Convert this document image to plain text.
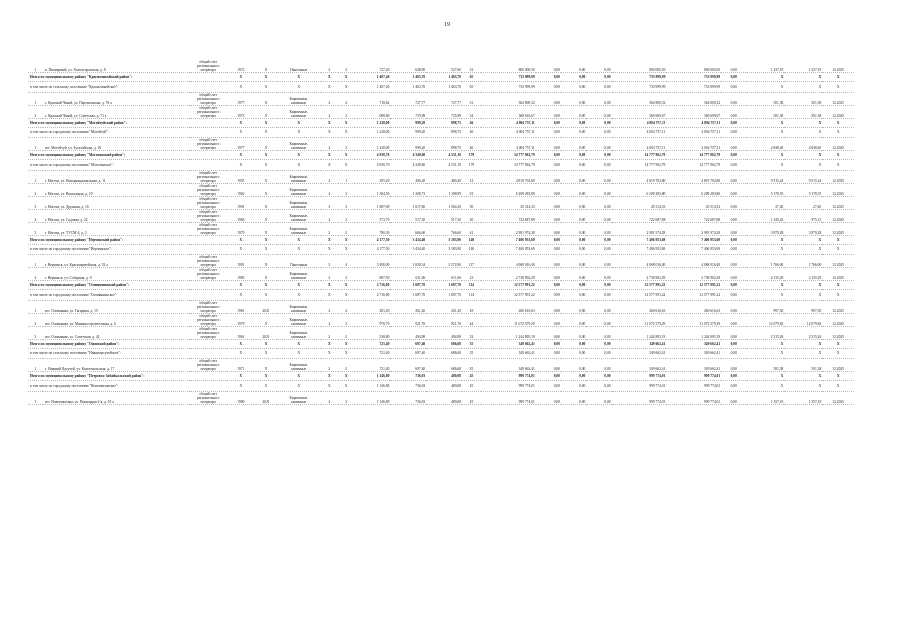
19
1	п. Пионерный, ул. Холмогоровская, д. 8	общий счет
регионального
оператора	1972	X	Панельные	2	2	727,20	648,90	527,60	32	800 000,50	0,00	0,00	0,00	800 000,50	800 000,50	0,00	1 237,19	1 237,19	12.2025
Итого по муниципальному району "Красночикойский район":			X	X	X	X	X	1 407,40	1 463,70	1 463,70	65	733 999,99	0,00	0,00	0,00	733 999,99	733 999,99	0,00	X	X	X
в том числе по сельскому поселению "Красночикойское":			X	X	X	X	X	1 407,40	1 463,70	1 463,70	65	733 999,99	0,00	0,00	0,00	733 999,99	733 999,99	0,00	X	X	X
1	с. Красный Чикой, ул. Партизанская, д. 76 а	общий счет
регионального
оператора	1977	X	Кирпичные,
каменные	2	2	718,62	727,77	727,77	31	364 800,32	0,00	0,00	0,00	364 800,32	364 800,32	0,00	501,38	501,38	12.2025
2	с. Красный Чикой, ул. Советская, д. 71 а	общий счет
регионального
оператора	1973	X	Кирпичные,
каменные	2	2	688,80	735,98	735,98	34	368 616,67	0,00	0,00	0,00	369 609,67	369 609,67	0,00	501,38	501,38	12.2025
Итого по муниципальному району "Могойтуйский район":			X	X	X	X	X	1 228,00	999,20	898,75	46	4 004 757,11	0,00	0,00	0,00	4 004 757,11	4 004 757,11	0,00	X	X	X
в том числе по городскому поселению "Могойтуй":			X	X	X	X	X	1 228,00	999,20	898,75	46	4 004 757,11	0,00	0,00	0,00	4 004 757,11	4 004 757,11	0,00	X	X	X
1	пгт. Могойтуй, ул. Зугалайская, д. 18	общий счет
регионального
оператора	1977	X	Кирпичные,
каменные	2	3	1 228,00	999,20	898,75	46	4 004 757,11	0,00	0,00	0,00	4 004 757,11	4 004 757,11	0,00	4 848,40	4 848,40	12.2025
Итого по муниципальному району "Могочинский район":			X	X	X	X	X	4 930,70	4 349,60	4 531,10	179	14 777 962,79	0,00	0,00	0,00	14 777 962,79	14 777 962,79	0,00	X	X	X
в том числе по городскому поселению "Могочинское":			X	X	X	X	X	4 930,70	4 349,60	4 531,10	179	14 777 962,79	0,00	0,00	0,00	14 777 962,79	14 777 962,79	0,00	X	X	X
1	г. Могоча, ул. Интернациональная, д. 11	общий счет
регионального
оператора	1955	X	Кирпичные,
каменные	2	1	505,20	406,20	480,20	12	4 819 702,80	0,00	0,00	0,00	4 819 702,80	4 819 702,80	0,00	9 515,24	9 515,24	12.2025
2	г. Могоча, ул. Вокзальная, д. 19	общий счет
регионального
оператора	1962	X	Кирпичные,
каменные	4	2	1 384,50	1 208,73	1 198,99	53	6 208 283,80	0,00	0,00	0,00	6 208 283,80	6 208 283,80	0,00	5 178,55	5 178,55	12.2025
3	г. Могоча, ул. Дружная, д. 16	общий счет
регионального
оператора	1991	X	Кирпичные,
каменные	3	3	1 687,00	1 617,60	1 564,30	50	45 314,33	0,00	0,00	0,00	45 314,33	45 314,33	0,00	27,40	27,40	12.2025
4	г. Могоча, ул. Садовая, д. 22	общий счет
регионального
оператора	1966	X	Кирпичные,
каменные	2	2	573,70	517,30	517,30	20	722 687,88	0,00	0,00	0,00	722 687,88	722 687,88	0,00	1 345,43	975,15	12.2025
5	г. Могоча, ул. ТУСМ-4, д. 3	общий счет
регионального
оператора	1979	X	Кирпичные,
каменные	2	2	780,30	666,60	766,60	41	2 981 974,28	0,00	0,00	0,00	2 981 974,28	2 981 974,28	0,00	3 879,28	3 879,28	12.2025
Итого по муниципальному району "Нерчинский район":			X	X	X	X	X	4 177,50	3 434,40	3 183,90	140	7 406 953,69	0,00	0,00	0,00	7 406 953,69	7 406 953,69	0,00	X	X	X
в том числе по городскому поселению "Нерчинское":			X	X	X	X	X	4 177,50	3 434,40	3 183,90	140	7 406 953,69	0,00	0,00	0,00	7 406 953,69	7 406 953,69	0,00	X	X	X
1	г. Нерчинск, ул. Красноармейская, д. 52 а	общий счет
регионального
оператора	1991	X	Панельные	5	4	3 490,00	2 828,34	2 572,90	117	4 068 016,40	0,00	0,00	0,00	4 068 016,40	4 068 016,40	0,00	1 766,00	1 766,00	12.2025
2	г. Нерчинск, ул. Соборная, д. 9	общий счет
регионального
оператора	1983	X	Кирпичные,
каменные	2	2	687,50	611,06	611,06	23	2 738 902,29	0,00	0,00	0,00	2 738 902,29	2 738 902,29	0,00	4 135,29	4 135,29	12.2025
Итого по муниципальному району "Оловяннинский район":			X	X	X	X	X	2 716,80	1 687,70	1 687,70	114	12 577 991,22	0,00	0,00	0,00	12 577 991,22	12 577 991,22	0,00	X	X	X
в том числе по городскому поселению "Оловяннинское":			X	X	X	X	X	2 716,80	1 687,70	1 687,70	114	12 577 991,22	0,00	0,00	0,00	12 577 991,22	12 577 991,22	0,00	X	X	X
1	пгт. Оловянная, ул. Гагарина, д. 15	общий счет
регионального
оператора	1961	2021	Кирпичные,
каменные	2	2	281,20	261,20	261,20	18	260 616,63	0,00	0,00	0,00	260 616,63	260 616,63	0,00	997,30	997,30	12.2025
2	пгт. Оловянная, ул. Машиностроительная, д. 6	общий счет
регионального
оператора	1979	X	Кирпичные,
каменные	2	3	970,70	921,76	921,76	44	11 072 579,29	0,00	0,00	0,00	11 072 579,29	11 072 579,29	0,00	12 079,82	12 079,82	12.2025
3	пгт. Оловянная, ул. Советская, д. 42	общий счет
регионального
оператора	1961	2021	Кирпичные,
каменные	2	2	538,80	494,98	494,98	52	1 244 895,19	0,00	0,00	0,00	1 244 895,19	1 244 895,19	0,00	2 515,26	2 515,26	12.2025
Итого по муниципальному району "Ононский район":			X	X	X	X	X	721,40	697,40	686,68	35	349 662,41	0,00	0,00	0,00	349 662,41	349 662,41	0,00	X	X	X
в том числе по сельскому поселению "Нижнецасучейское":			X	X	X	X	X	721,40	697,40	686,68	35	349 662,41	0,00	0,00	0,00	349 662,41	349 662,41	0,00	X	X	X
1	с. Нижний Цасучей, ул. Комсомольская, д. 17	общий счет
регионального
оператора	1971	X	Кирпичные,
каменные	2	2	721,40	697,40	686,68	35	349 662,41	0,00	0,00	0,00	349 662,41	349 662,41	0,00	501,38	501,38	12.2025
Итого по муниципальному району "Петровск-Забайкальский район":			X	X	X	X	X	1 146,80	736,03	480,08	45	999 774,01	0,00	0,00	0,00	999 774,01	999 774,01	0,00	X	X	X
в том числе по городскому поселению "Новопавловское":			X	X	X	X	X	1 146,80	736,03	480,08	45	999 774,01	0,00	0,00	0,00	999 774,01	999 774,01	0,00	X	X	X
1	пгт. Новопавловка, ул. Пионерная 2-я, д. 10 а	общий счет
регионального
оператора	1980	2021	Кирпичные,
каменные	2	2	1 146,80	736,03	480,08	45	999 774,01	0,00	0,00	0,00	999 774,01	999 774,01	0,00	1 357,19	1 357,19	12.2025
